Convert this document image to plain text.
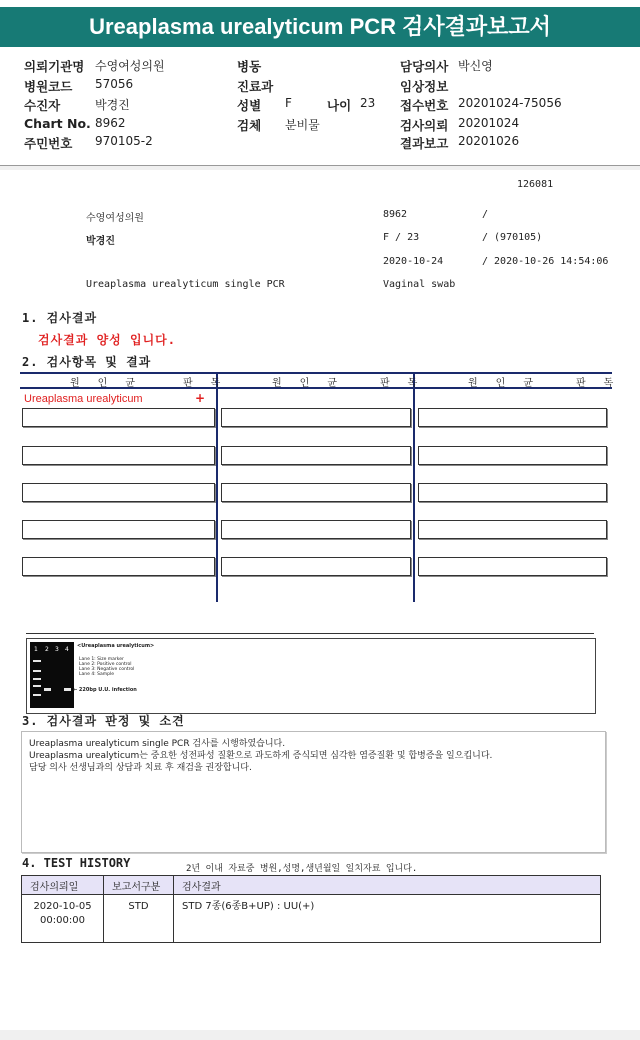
Ureaplasma urealyticum PCR 검사결과보고서
의뢰기관명 수영여성의원
병원코드 57056
수진자	박경진
Chart No. 8962
주민번호 970105-2
병동
진료과
성별 F	나이 23
검체 분비물
담당의사 박신영
임상정보
접수번호 20201024-75056
검사의뢰 20201024
결과보고 20201026
126081
수영여성의원	8962	/
박경진	F / 23	/ (970105)
2020-10-24	/ 2020-10-26 14:54:06
Ureaplasma urealyticum single PCR	Vaginal swab
1. 검사결과
검사결과 양성 입니다.
2. 검사항목 및 결과
원 인 균	판 독	원 인 균	판 독	원 인 균	판 독
Ureaplasma urealyticum	+
1 2 3 4 <Ureaplasma urealyticum>
Lane 1: Size marker
Lane 2: Positive control
Lane 3: Negative control
Lane 4: Sample
← 220bp U.U. infection
3. 검사결과 판정 및 소견
Ureaplasma urealyticum single PCR 검사를 시행하였습니다.
Ureaplasma urealyticum는 중요한 성전파성 질환으로 과도하게 증식되면 심각한 염증질환 및 합병증을 일으킵니다.
담당 의사 선생님과의 상담과 치료 후 재검을 권장합니다.
4. TEST HISTORY	2년 이내 자료중 병원,성명,생년월일 일치자료 입니다.
검사의뢰일	보고서구분	검사결과

2020-10-05
00:00:00	STD	STD 7종(6종B+UP) : UU(+)
